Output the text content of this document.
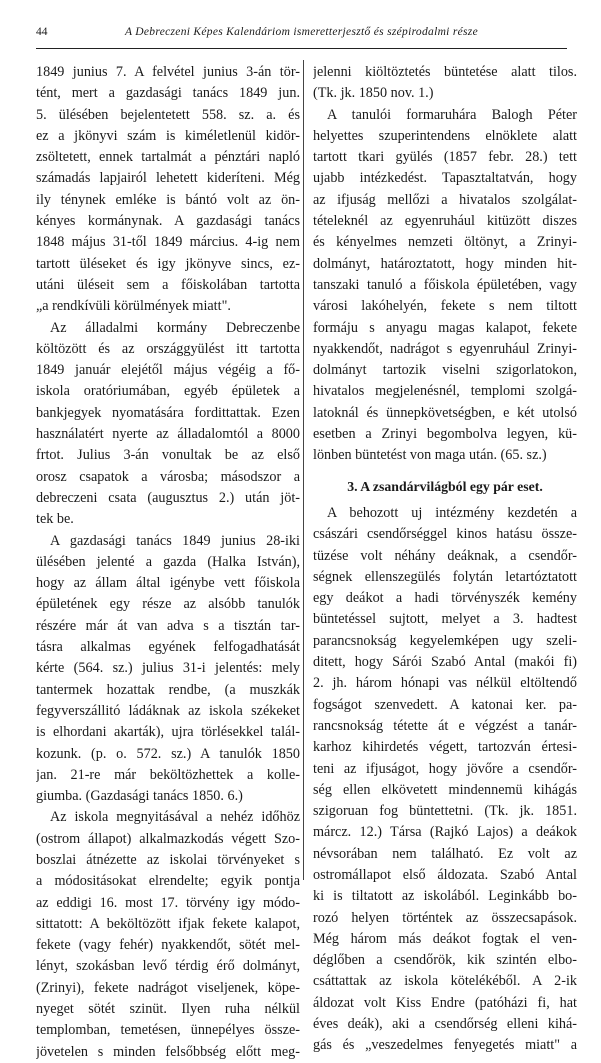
44	A Debreczeni Képes Kalendáriom ismeretterjesztő és szépirodalmi része
1849 junius 7. A felvétel junius 3-án tör-
tént, mert a gazdasági tanács 1849 jun.
5. ülésében bejelentetett 558. sz. a. és
ez a jkönyvi szám is kiméletlenül kidör-
zsöltetett, ennek tartalmát a pénztári napló
számadás lapjairól lehetett kideríteni. Még
ily ténynek emléke is bántó volt az ön-
kényes kormánynak. A gazdasági tanács
1848 május 31-től 1849 március. 4-ig nem
tartott üléseket és igy jkönyve sincs, ez-
utáni üléseit sem a főiskolában tartotta
„a rendkívüli körülmények miatt".
Az álladalmi kormány Debreczenbe
költözött és az országgyülést itt tartotta
1849 január elejétől május végéig a fő-
iskola oratóriumában, egyéb épületek a
bankjegyek nyomatására fordittattak. Ezen
használatért nyerte az álladalomtól a 8000
frtot. Julius 3-án vonultak be az első
orosz csapatok a városba; másodszor a
debreczeni csata (augusztus 2.) után jöt-
tek be.
A gazdasági tanács 1849 junius 28-iki
ülésében jelenté a gazda (Halka István),
hogy az állam által igénybe vett főiskola
épületének egy része az alsóbb tanulók
részére már át van adva s a tisztán tar-
tásra alkalmas egyének felfogadhatását
kérte (564. sz.) julius 31-i jelentés: mely
tantermek hozattak rendbe, (a muszkák
fegyverszállitó ládáknak az iskola székeket
is elhordani akarták), ujra törlésekkel talál-
kozunk. (p. o. 572. sz.) A tanulók 1850
jan. 21-re már beköltözhettek a kolle-
giumba. (Gazdasági tanács 1850. 6.)
Az iskola megnyitásával a nehéz időhöz
(ostrom állapot) alkalmazkodás végett Szo-
boszlai átnézette az iskolai törvényeket s
a módositásokat elrendelte; egyik pontja
az eddigi 16. most 17. törvény igy módo-
sittatott: A beköltözött ifjak fekete kalapot,
fekete (vagy fehér) nyakkendőt, sötét mel-
lényt, szokásban levő térdig érő dolmányt,
(Zrinyi), fekete nadrágot viseljenek, köpe-
nyeget sötét szinüt. Ilyen ruha nélkül
templomban, temetésen, ünnepélyes össze-
jövetelen s minden felsőbbség előtt meg-
jelenni kiöltöztetés büntetése alatt tilos.
(Tk. jk. 1850 nov. 1.)
A tanulói formaruhára Balogh Péter
helyettes szuperintendens elnöklete alatt
tartott tkari gyülés (1857 febr. 28.) tett
ujabb intézkedést. Tapasztaltatván, hogy
az ifjuság mellőzi a hivatalos szolgálat-
tételeknél az egyenruhául kitüzött diszes
és kényelmes nemzeti öltönyt, a Zrinyi-
dolmányt, határoztatott, hogy minden hit-
tanszaki tanuló a főiskola épületében, vagy
városi lakóhelyén, fekete s nem tiltott
formáju s anyagu magas kalapot, fekete
nyakkendőt, nadrágot s egyenruhául Zrinyi-
dolmányt tartozik viselni szigorlatokon,
hivatalos megjelenésnél, templomi szolgá-
latoknál és ünnepkövetségben, e két utolsó
esetben a Zrinyi begombolva legyen, kü-
lönben büntetést von maga után. (65. sz.)
3. A zsandárvilágból egy pár eset.
A behozott uj intézmény kezdetén a
császári csendőrséggel kinos hatásu össze-
tüzése volt néhány deáknak, a csendőr-
ségnek ellenszegülés folytán letartóztatott
egy deákot a hadi törvényszék kemény
büntetéssel sujtott, melyet a 3. hadtest
parancsnokság kegyelemképen ugy szeli-
ditett, hogy Sárói Szabó Antal (makói fi)
2. jh. három hónapi vas nélkül eltöltendő
fogságot szenvedett. A katonai ker. pa-
rancsnokság tétette át e végzést a tanár-
karhoz kihirdetés végett, tartozván értesi-
teni az ifjuságot, hogy jövőre a csendőr-
ség ellen elkövetett mindennemü kihágás
szigoruan fog büntettetni. (Tk. jk. 1851.
márcz. 12.) Társa (Rajkó Lajos) a deákok
névsorában nem található. Ez volt az
ostromállapot első áldozata. Szabó Antal
ki is tiltatott az iskolából. Leginkább bo-
rozó helyen történtek az összecsapások.
Még három más deákot fogtak el ven-
déglőben a csendőrök, kik szintén elbo-
csáttattak az iskola kötelékéből. A 2-ik
áldozat volt Kiss Endre (patóházi fi, hat
éves deák), aki a csendőrség elleni kihá-
gás és „veszedelmes fenyegetés miatt" a
